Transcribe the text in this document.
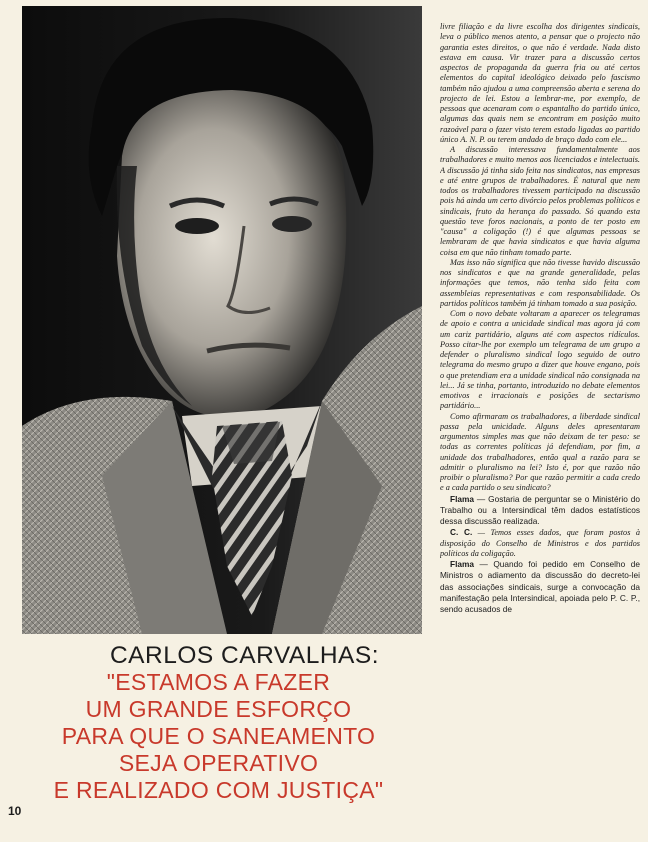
livre filiação e da livre escolha dos dirigentes sindicais, leva o público menos atento, a pensar que o projecto não garantia estes direitos, o que não é verdade. Nada disto estava em causa. Vir trazer para a discussão certos aspectos de propaganda da guerra fria ou até certos elementos do capital ideológico deixado pelo fascismo também não ajudou a uma compreensão aberta e serena do projecto de lei. Estou a lembrar-me, por exemplo, de pessoas que acenaram com o espantalho do partido único, algumas das quais nem se encontram em posição muito razoável para o fazer visto terem estado ligadas ao partido único A. N. P. ou terem andado de braço dado com ele...

A discussão interessava fundamentalmente aos trabalhadores e muito menos aos licenciados e intelectuais. A discussão já tinha sido feita nos sindicatos, nas empresas e até entre grupos de trabalhadores. É natural que nem todos os trabalhadores tivessem participado na discussão pois há ainda um certo divórcio pelos problemas políticos e sindicais, fruto da herança do passado. Só quando esta questão teve foros nacionais, a ponto de ter posto em "causa" a coligação (!) é que algumas pessoas se lembraram de que havia sindicatos e que havia alguma coisa em que não tinham tomado parte.

Mas isso não significa que não tivesse havido discussão nos sindicatos e que na grande generalidade, pelas informações que temos, não tenha sido feita com assembleias representativas e com responsabilidade. Os partidos políticos também já tinham tomado a sua posição.

Com o novo debate voltaram a aparecer os telegramas de apoio e contra a unicidade sindical mas agora já com um cariz partidário, alguns até com aspectos ridículos. Posso citar-lhe por exemplo um telegrama de um grupo a defender o pluralismo sindical logo seguido de outro telegrama do mesmo grupo a dizer que houve engano, pois o que pretendiam era a unidade sindical não consignada na lei... Já se tinha, portanto, introduzido no debate elementos emotivos e irracionais e posições de sectarismo partidário...

Como afirmaram os trabalhadores, a liberdade sindical passa pela unicidade. Alguns deles apresentaram argumentos simples mas que não deixam de ter peso: se todas as correntes políticas já defendiam, por fim, a unidade dos trabalhadores, então qual a razão para se admitir o pluralismo na lei? Isto é, por que razão não proibir o pluralismo? Por que razão permitir a cada credo e a cada partido o seu sindicato?

Flama — Gostaria de perguntar se o Ministério do Trabalho ou a Intersindical têm dados estatísticos dessa discussão realizada.

C. C. — Temos esses dados, que foram postos à disposição do Conselho de Ministros e dos partidos políticos da coligação.

Flama — Quando foi pedido em Conselho de Ministros o adiamento da discussão do decreto-lei das associações sindicais, surge a convocação da manifestação pela Intersindical, apoiada pelo P. C. P., sendo acusados de

CARLOS CARVALHAS:
"ESTAMOS A FAZER
UM GRANDE ESFORÇO
PARA QUE O SANEAMENTO
SEJA OPERATIVO
E REALIZADO COM JUSTIÇA"
10
